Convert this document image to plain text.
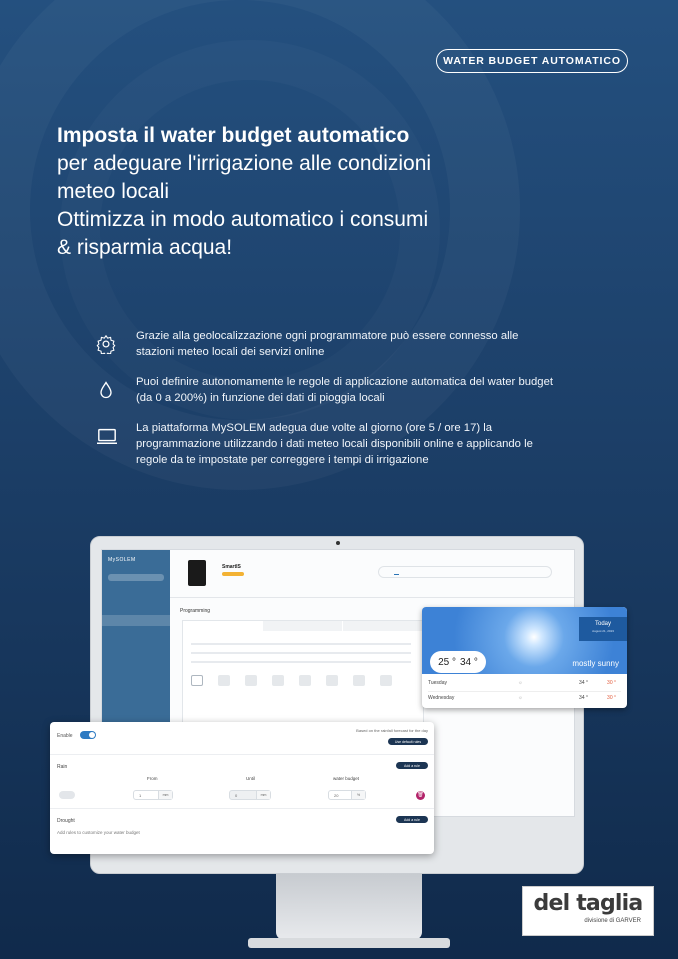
WATER BUDGET AUTOMATICO
Imposta il water budget automatico
per adeguare l'irrigazione alle condizioni
meteo locali
Ottimizza in modo automatico i consumi
& risparmia acqua!
Grazie alla geolocalizzazione ogni programmatore può essere connesso alle stazioni meteo locali dei servizi online
Puoi definire autonomamente le regole di applicazione automatica del water budget (da 0 a 200%) in funzione dei dati di pioggia locali
La piattaforma MySOLEM adegua due volte al giorno (ore 5 / ore 17) la programmazione utilizzando i dati meteo locali disponibili online e applicando le regole da te impostate per correggere i tempi di irrigazione
MySOLEM

SmartIS

Programming
Today
August 21, 2023
25 ° 34 °	mostly sunny
Tuesday	☼	34 °	30 °
Wednesday	☼	34 °	30 °
Enable
Based on the rainfall forecast for the day
Use default rules
Rain	Add a rule
From	Until	water budget
1	mm	0	mm	20	%	🗑
Drought	Add a rule
Add rules to customize your water budget
del taglia
divisione di GARVER
